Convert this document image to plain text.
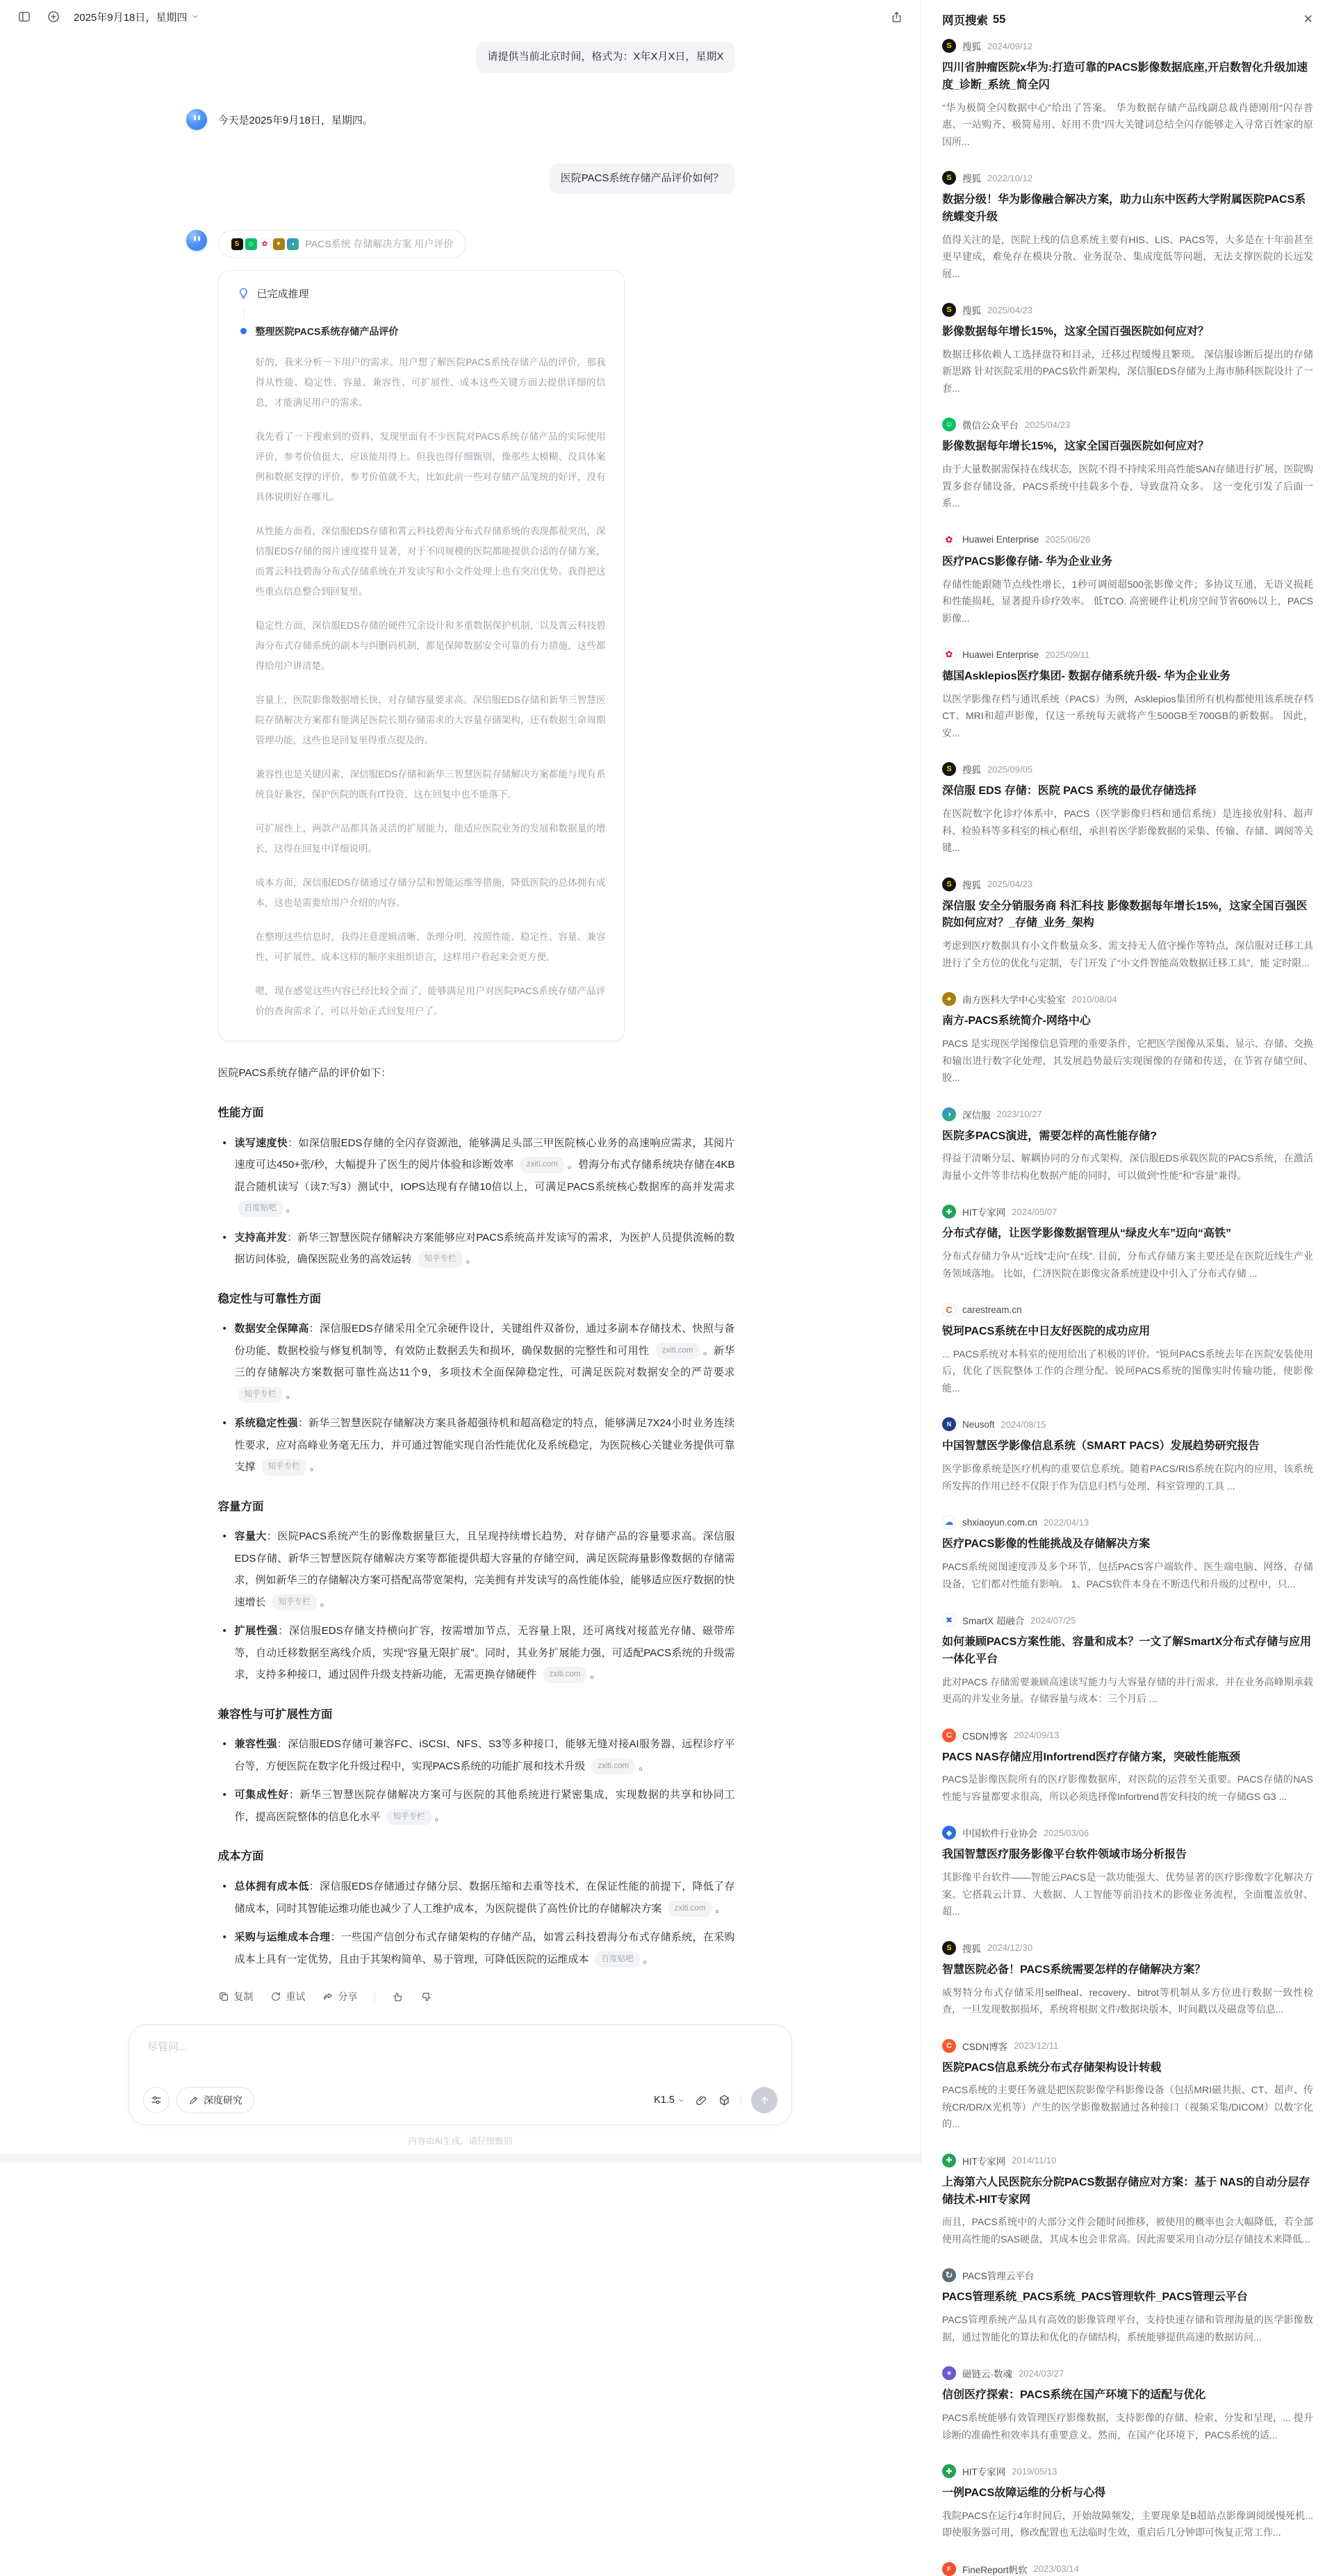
2025年9月18日，星期四
请提供当前北京时间，格式为：X年X月X日，星期X
今天是2025年9月18日，星期四。
医院PACS系统存储产品评价如何？
S ☺ ✿ ✦ ◑ PACS系统 存储解决方案 用户评价
已完成推理
整理医院PACS系统存储产品评价

好的，我来分析一下用户的需求。用户想了解医院PACS系统存储产品的评价，那我得从性能、稳定性、容量、兼容性、可扩展性、成本这些关键方面去提供详细的信息，才能满足用户的需求。

我先看了一下搜索到的资料，发现里面有不少医院对PACS系统存储产品的实际使用评价，参考价值挺大，应该能用得上。但我也得仔细甄别，像那些太模糊、没具体案例和数据支撑的评价，参考价值就不大，比如此前一些对存储产品笼统的好评，没有具体说明好在哪儿。

从性能方面看，深信服EDS存储和霄云科技碧海分布式存储系统的表现都很突出，深信服EDS存储的阅片速度提升显著，对于不同规模的医院都能提供合适的存储方案，而霄云科技碧海分布式存储系统在并发读写和小文件处理上也有突出优势。我得把这些重点信息整合到回复里。

稳定性方面，深信服EDS存储的硬件冗余设计和多重数据保护机制，以及霄云科技碧海分布式存储系统的副本与纠删码机制，都是保障数据安全可靠的有力措施，这些都得给用户讲清楚。

容量上，医院影像数据增长快，对存储容量要求高。深信服EDS存储和新华三智慧医院存储解决方案都有能满足医院长期存储需求的大容量存储架构，还有数据生命周期管理功能，这些也是回复里得重点提及的。

兼容性也是关键因素，深信服EDS存储和新华三智慧医院存储解决方案都能与现有系统良好兼容，保护医院的既有IT投资，这在回复中也不能落下。

可扩展性上，两款产品都具备灵活的扩展能力，能适应医院业务的发展和数据量的增长，这得在回复中详细说明。

成本方面，深信服EDS存储通过存储分层和智能运维等措施，降低医院的总体拥有成本，这也是需要给用户介绍的内容。

在整理这些信息时，我得注意逻辑清晰、条理分明，按照性能、稳定性、容量、兼容性、可扩展性、成本这样的顺序来组织语言，这样用户看起来会更方便。

嗯，现在感觉这些内容已经比较全面了，能够满足用户对医院PACS系统存储产品评价的查询需求了，可以开始正式回复用户了。

医院PACS系统存储产品的评价如下：

性能方面
• 读写速度快：如深信服EDS存储的全闪存资源池，能够满足头部三甲医院核心业务的高速响应需求，其阅片速度可达450+张/秒，大幅提升了医生的阅片体验和诊断效率 zxiti.com 。碧海分布式存储系统块存储在4KB混合随机读写（读7:写3）测试中，IOPS达现有存储10倍以上，可满足PACS系统核心数据库的高并发需求 百度贴吧 。
• 支持高并发：新华三智慧医院存储解决方案能够应对PACS系统高并发读写的需求，为医护人员提供流畅的数据访问体验，确保医院业务的高效运转 知乎专栏 。
稳定性与可靠性方面
• 数据安全保障高：深信服EDS存储采用全冗余硬件设计，关键组件双备份，通过多副本存储技术、快照与备份功能、数据校验与修复机制等，有效防止数据丢失和损坏，确保数据的完整性和可用性 zxiti.com 。新华三的存储解决方案数据可靠性高达11个9，多项技术全面保障稳定性，可满足医院对数据安全的严苛要求 知乎专栏 。
• 系统稳定性强：新华三智慧医院存储解决方案具备超强待机和超高稳定的特点，能够满足7X24小时业务连续性要求，应对高峰业务毫无压力，并可通过智能实现自治性能优化及系统稳定，为医院核心关键业务提供可靠支撑 知乎专栏 。
容量方面
• 容量大：医院PACS系统产生的影像数据量巨大，且呈现持续增长趋势，对存储产品的容量要求高。深信服EDS存储、新华三智慧医院存储解决方案等都能提供超大容量的存储空间，满足医院海量影像数据的存储需求，例如新华三的存储解决方案可搭配高带宽架构，完美拥有并发读写的高性能体验，能够适应医疗数据的快速增长 知乎专栏 。
• 扩展性强：深信服EDS存储支持横向扩容，按需增加节点，无容量上限，还可离线对接蓝光存储、磁带库等，自动迁移数据至离线介质，实现“容量无限扩展”。同时，其业务扩展能力强，可适配PACS系统的升级需求，支持多种接口，通过固件升级支持新功能，无需更换存储硬件 zxiti.com 。
兼容性与可扩展性方面
• 兼容性强：深信服EDS存储可兼容FC、iSCSI、NFS、S3等多种接口，能够无缝对接AI服务器、远程诊疗平台等，方便医院在数字化升级过程中，实现PACS系统的功能扩展和技术升级 zxiti.com 。
• 可集成性好：新华三智慧医院存储解决方案可与医院的其他系统进行紧密集成，实现数据的共享和协同工作，提高医院整体的信息化水平 知乎专栏 。
成本方面
• 总体拥有成本低：深信服EDS存储通过存储分层、数据压缩和去重等技术，在保证性能的前提下，降低了存储成本，同时其智能运维功能也减少了人工维护成本，为医院提供了高性价比的存储解决方案 zxiti.com 。
• 采购与运维成本合理：一些国产信创分布式存储架构的存储产品，如霄云科技碧海分布式存储系统，在采购成本上具有一定优势，且由于其架构简单、易于管理，可降低医院的运维成本 百度贴吧 。
复制	重试	分享
尽管问...
深度研究	K1.5
内容由AI生成，请仔细甄别
网页搜索 55	✕
S 搜狐 2024/09/12
四川省肿瘤医院x华为:打造可靠的PACS影像数据底座,开启数智化升级加速度_诊断_系统_简全闪

“华为极简全闪数据中心”给出了答案。 华为数据存储产品线副总裁肖德刚用“闪存普惠、一站购齐、极简易用、好用不贵”四大关键词总结全闪存能够走入寻常百姓家的原因所...

S 搜狐 2022/10/12
数据分级！华为影像融合解决方案，助力山东中医药大学附属医院PACS系统蝶变升级

值得关注的是，医院上线的信息系统主要有HIS、LIS、PACS等，大多是在十年前甚至更早建成，难免存在模块分散、业务混杂、集成度低等问题，无法支撑医院的长远发展...

S 搜狐 2025/04/23
影像数据每年增长15%，这家全国百强医院如何应对？

数据迁移依赖人工选择盘符和目录，迁移过程缓慢且繁琐。 深信服诊断后提出的存储新思路 针对医院采用的PACS软件新架构，深信服EDS存储为上海市肺科医院设计了一套...

☺ 微信公众平台 2025/04/23
影像数据每年增长15%，这家全国百强医院如何应对？

由于大量数据需保持在线状态，医院不得不持续采用高性能SAN存储进行扩展，医院购置多套存储设备，PACS系统中挂载多个卷，导致盘符众多。 这一变化引发了后面一系...

✿ Huawei Enterprise 2025/06/26
医疗PACS影像存储- 华为企业业务

存储性能跟随节点线性增长，1秒可调阅超500张影像文件；多协议互通，无语义损耗和性能损耗，显著提升诊疗效率。 低TCO. 高密硬件让机房空间节省60%以上，PACS影像...

✿ Huawei Enterprise 2025/09/11
德国Asklepios医疗集团- 数据存储系统升级- 华为企业业务

以医学影像存档与通讯系统（PACS）为例，Asklepios集团所有机构都使用该系统存档CT、MRI和超声影像，仅这一系统每天就将产生500GB至700GB的新数据。 因此，安...

S 搜狐 2025/09/05
深信服 EDS 存储：医院 PACS 系统的最优存储选择

在医院数字化诊疗体系中，PACS（医学影像归档和通信系统）是连接放射科、超声科、检验科等多科室的核心枢纽，承担着医学影像数据的采集、传输、存储、调阅等关键...

S 搜狐 2025/04/23
深信服 安全分销服务商 科汇科技 影像数据每年增长15%，这家全国百强医院如何应对？_存储_业务_架构

考虑到医疗数据具有小文件数量众多、需支持无人值守操作等特点，深信服对迁移工具进行了全方位的优化与定制，专门开发了“小文件智能高效数据迁移工具”，能 定时限...

✦ 南方医科大学中心实验室 2010/08/04
南方-PACS系统简介-网络中心

PACS 是实现医学图像信息管理的重要条件，它把医学图像从采集、显示、存储、交换和输出进行数字化处理，其发展趋势最后实现图像的存储和传送，在节省存储空间、胶...

◑ 深信服 2023/10/27
医院多PACS演进，需要怎样的高性能存储?

得益于清晰分层、解耦协同的分布式架构，深信服EDS承载医院的PACS系统，在激活海量小文件等非结构化数据产能的同时，可以做到“性能”和“容量”兼得。

✚ HIT专家网 2024/05/07
分布式存储，让医学影像数据管理从“绿皮火车”迈向“高铁”

分布式存储力争从“近线”走向“在线”. 目前，分布式存储方案主要还是在医院近线生产业务领域落地。 比如，仁济医院在影像灾备系统建设中引入了分布式存储 ...

C carestream.cn
锐珂PACS系统在中日友好医院的成功应用

... PACS系统对本科室的使用给出了积极的评价。“锐珂PACS系统去年在医院安装使用后，优化了医院整体工作的合理分配。锐珂PACS系统的图像实时传输功能，使影像能...

N Neusoft 2024/08/15
中国智慧医学影像信息系统（SMART PACS）发展趋势研究报告

医学影像系统是医疗机构的重要信息系统。随着PACS/RIS系统在院内的应用，该系统所发挥的作用已经不仅限于作为信息归档与处理、科室管理的工具 ...

☁ shxiaoyun.com.cn 2022/04/13
医疗PACS影像的性能挑战及存储解决方案

PACS系统阅图速度涉及多个环节，包括PACS客户端软件、医生端电脑、网络、存储设备，它们都对性能有影响。 1、PACS软件本身在不断迭代和升级的过程中，只...

✖ SmartX 超融合 2024/07/25
如何兼顾PACS方案性能、容量和成本？一文了解SmartX分布式存储与应用一体化平台

此对PACS 存储需要兼顾高速读写能力与大容量存储的并行需求，并在业务高峰期承载更高的并发业务量。存储容量与成本：三个月后 ...

C CSDN博客 2024/09/13
PACS NAS存储应用Infortrend医疗存储方案，突破性能瓶颈

PACS是影像医院所有的医疗影像数据库，对医院的运营至关重要。PACS存储的NAS性能与容量都要求很高，所以必须选择像Infortrend普安科技的统一存储GS G3 ...

◆ 中国软件行业协会 2025/03/06
我国智慧医疗服务影像平台软件领域市场分析报告

其影像平台软件——智能云PACS是一款功能强大、优势显著的医疗影像数字化解决方案。它搭载云计算、大数据、人工智能等前沿技术的影像业务流程，全面覆盖放射、超...

S 搜狐 2024/12/30
智慧医院必备！PACS系统需要怎样的存储解决方案？

威努特分布式存储采用selfheal、recovery、bitrot等机制从多方位进行数据一致性检查，一旦发现数据损坏，系统将根据文件/数据块版本，时间戳以及磁盘等信息...

C CSDN博客 2023/12/11
医院PACS信息系统分布式存储架构设计转载

PACS系统的主要任务就是把医院影像学科影像设备（包括MRI磁共振、CT、超声、传统CR/DR/X光机等）产生的医学影像数据通过各种接口（视频采集/DICOM）以数字化的...

✚ HIT专家网 2014/11/10
上海第六人民医院东分院PACS数据存储应对方案：基于 NAS的自动分层存储技术-HIT专家网

而且，PACS系统中的大部分文件会随时间推移，被使用的概率也会大幅降低，若全部使用高性能的SAS硬盘，其成本也会非常高。因此需要采用自动分层存储技术来降低...

↻ PACS管理云平台
PACS管理系统_PACS系统_PACS管理软件_PACS管理云平台

PACS管理系统产品具有高效的影像管理平台，支持快速存储和管理海量的医学影像数据，通过智能化的算法和优化的存储结构，系统能够提供高速的数据访问...

✶ 磁链云·数魂 2024/03/27
信创医疗探索：PACS系统在国产环境下的适配与优化

PACS系统能够有效管理医疗影像数据，支持影像的存储、检索、分发和呈现，... 提升诊断的准确性和效率具有重要意义。然而，在国产化环境下，PACS系统的适...

✚ HIT专家网 2019/05/13
一例PACS故障运维的分析与心得

我院PACS在运行4年时间后，开始故障频发，主要现象是B超站点影像调阅缓慢死机... 即使服务器可用，修改配置也无法临时生效，重启后几分钟即可恢复正常工作...

F FineReport帆软 2023/03/14
